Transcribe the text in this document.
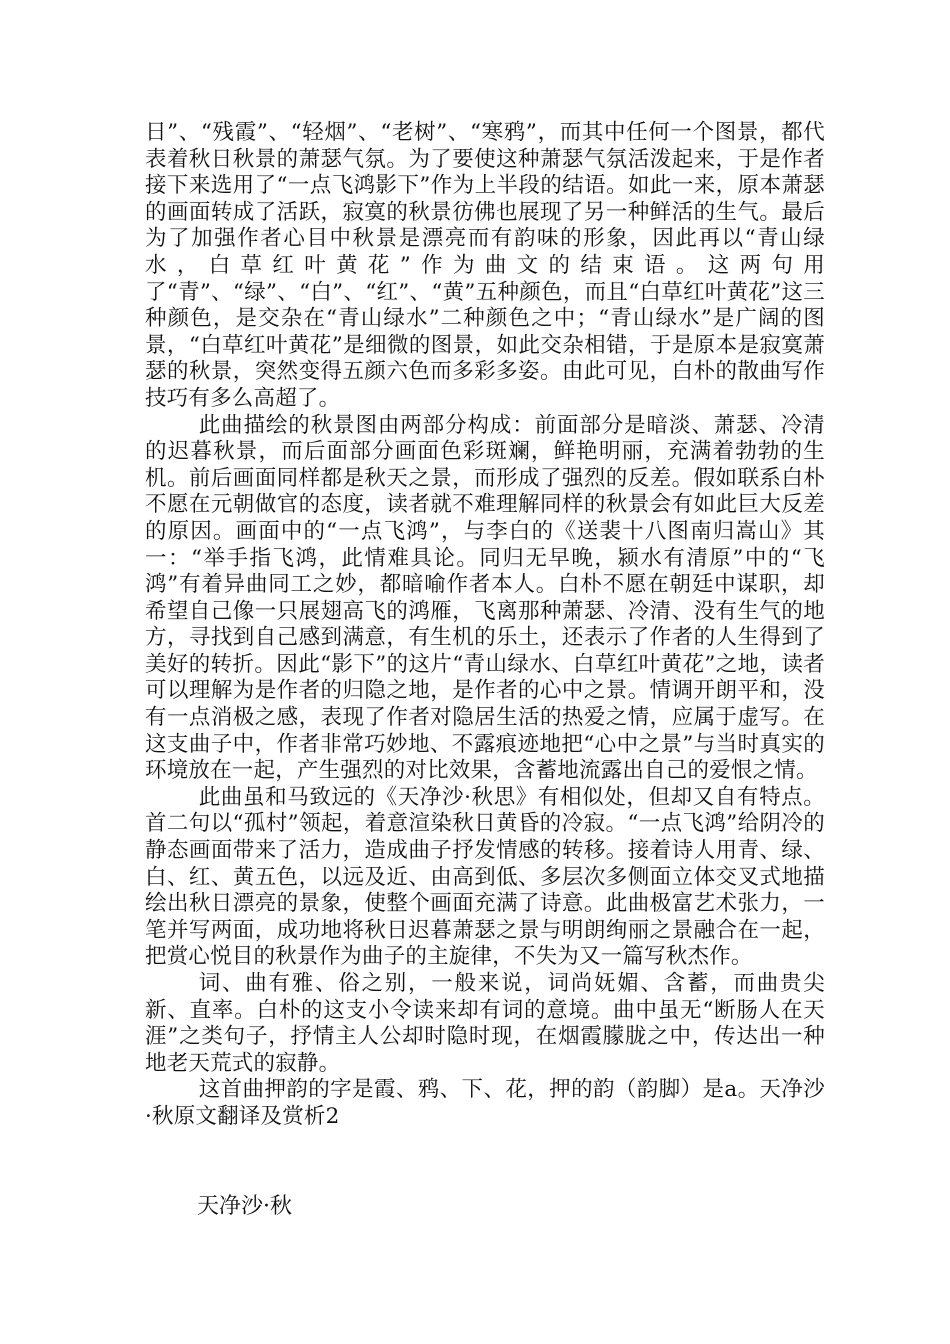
日”、“残霞”、“轻烟”、“老树”、“寒鸦”，而其中任何一个图景，都代表着秋日秋景的萧瑟气氛。为了要使这种萧瑟气氛活泼起来，于是作者接下来选用了“一点飞鸿影下”作为上半段的结语。如此一来，原本萧瑟的画面转成了活跃，寂寞的秋景彷佛也展现了另一种鲜活的生气。最后为了加强作者心目中秋景是漂亮而有韵味的形象，因此再以“青山绿水，白草红叶黄花”作为曲文的结束语。这两句用了“青”、“绿”、“白”、“红”、“黄”五种颜色，而且“白草红叶黄花”这三种颜色，是交杂在“青山绿水”二种颜色之中；“青山绿水”是广阔的图景，“白草红叶黄花”是细微的图景，如此交杂相错，于是原本是寂寞萧瑟的秋景，突然变得五颜六色而多彩多姿。由此可见，白朴的散曲写作技巧有多么高超了。

此曲描绘的秋景图由两部分构成：前面部分是暗淡、萧瑟、冷清的迟暮秋景，而后面部分画面色彩斑斓，鲜艳明丽，充满着勃勃的生机。前后画面同样都是秋天之景，而形成了强烈的反差。假如联系白朴不愿在元朝做官的态度，读者就不难理解同样的秋景会有如此巨大反差的原因。画面中的“一点飞鸿”，与李白的《送裴十八图南归嵩山》其一：“举手指飞鸿，此情难具论。同归无早晚，颍水有清原”中的“飞鸿”有着异曲同工之妙，都暗喻作者本人。白朴不愿在朝廷中谋职，却希望自己像一只展翅高飞的鸿雁，飞离那种萧瑟、冷清、没有生气的地方，寻找到自己感到满意，有生机的乐土，还表示了作者的人生得到了美好的转折。因此“影下”的这片“青山绿水、白草红叶黄花”之地，读者可以理解为是作者的归隐之地，是作者的心中之景。情调开朗平和，没有一点消极之感，表现了作者对隐居生活的热爱之情，应属于虚写。在这支曲子中，作者非常巧妙地、不露痕迹地把“心中之景”与当时真实的环境放在一起，产生强烈的对比效果，含蓄地流露出自己的爱恨之情。

此曲虽和马致远的《天净沙·秋思》有相似处，但却又自有特点。首二句以“孤村”领起，着意渲染秋日黄昏的冷寂。“一点飞鸿”给阴冷的静态画面带来了活力，造成曲子抒发情感的转移。接着诗人用青、绿、白、红、黄五色，以远及近、由高到低、多层次多侧面立体交叉式地描绘出秋日漂亮的景象，使整个画面充满了诗意。此曲极富艺术张力，一笔并写两面，成功地将秋日迟暮萧瑟之景与明朗绚丽之景融合在一起，把赏心悦目的秋景作为曲子的主旋律，不失为又一篇写秋杰作。

词、曲有雅、俗之别，一般来说，词尚妩媚、含蓄，而曲贵尖新、直率。白朴的这支小令读来却有词的意境。曲中虽无“断肠人在天涯”之类句子，抒情主人公却时隐时现，在烟霞朦胧之中，传达出一种地老天荒式的寂静。

这首曲押韵的字是霞、鸦、下、花，押的韵（韵脚）是a。天净沙·秋原文翻译及赏析2

天净沙·秋
